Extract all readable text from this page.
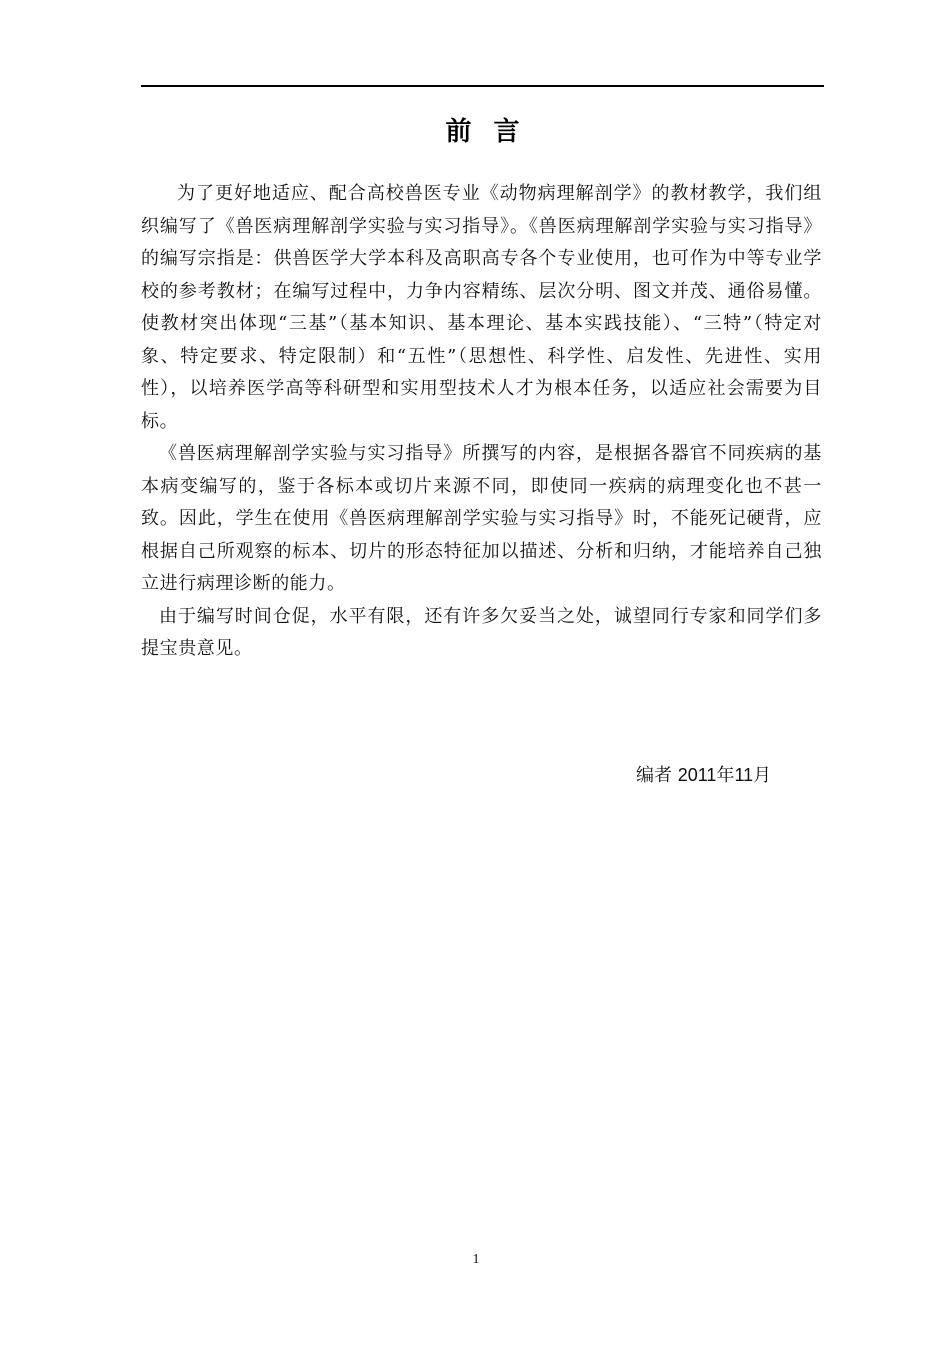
前言

为了更好地适应、配合高校兽医专业《动物病理解剖学》的教材教学，我们组织编写了《兽医病理解剖学实验与实习指导》。《兽医病理解剖学实验与实习指导》的编写宗指是：供兽医学大学本科及高职高专各个专业使用，也可作为中等专业学校的参考教材；在编写过程中，力争内容精练、层次分明、图文并茂、通俗易懂。使教材突出体现“三基”（基本知识、基本理论、基本实践技能）、“三特”（特定对象、特定要求、特定限制）和“五性”（思想性、科学性、启发性、先进性、实用性），以培养医学高等科研型和实用型技术人才为根本任务，以适应社会需要为目标。

《兽医病理解剖学实验与实习指导》所撰写的内容，是根据各器官不同疾病的基本病变编写的，鉴于各标本或切片来源不同，即使同一疾病的病理变化也不甚一致。因此，学生在使用《兽医病理解剖学实验与实习指导》时，不能死记硬背，应根据自己所观察的标本、切片的形态特征加以描述、分析和归纳，才能培养自己独立进行病理诊断的能力。

由于编写时间仓促，水平有限，还有许多欠妥当之处，诚望同行专家和同学们多提宝贵意见。

编者 2011年11月
1
